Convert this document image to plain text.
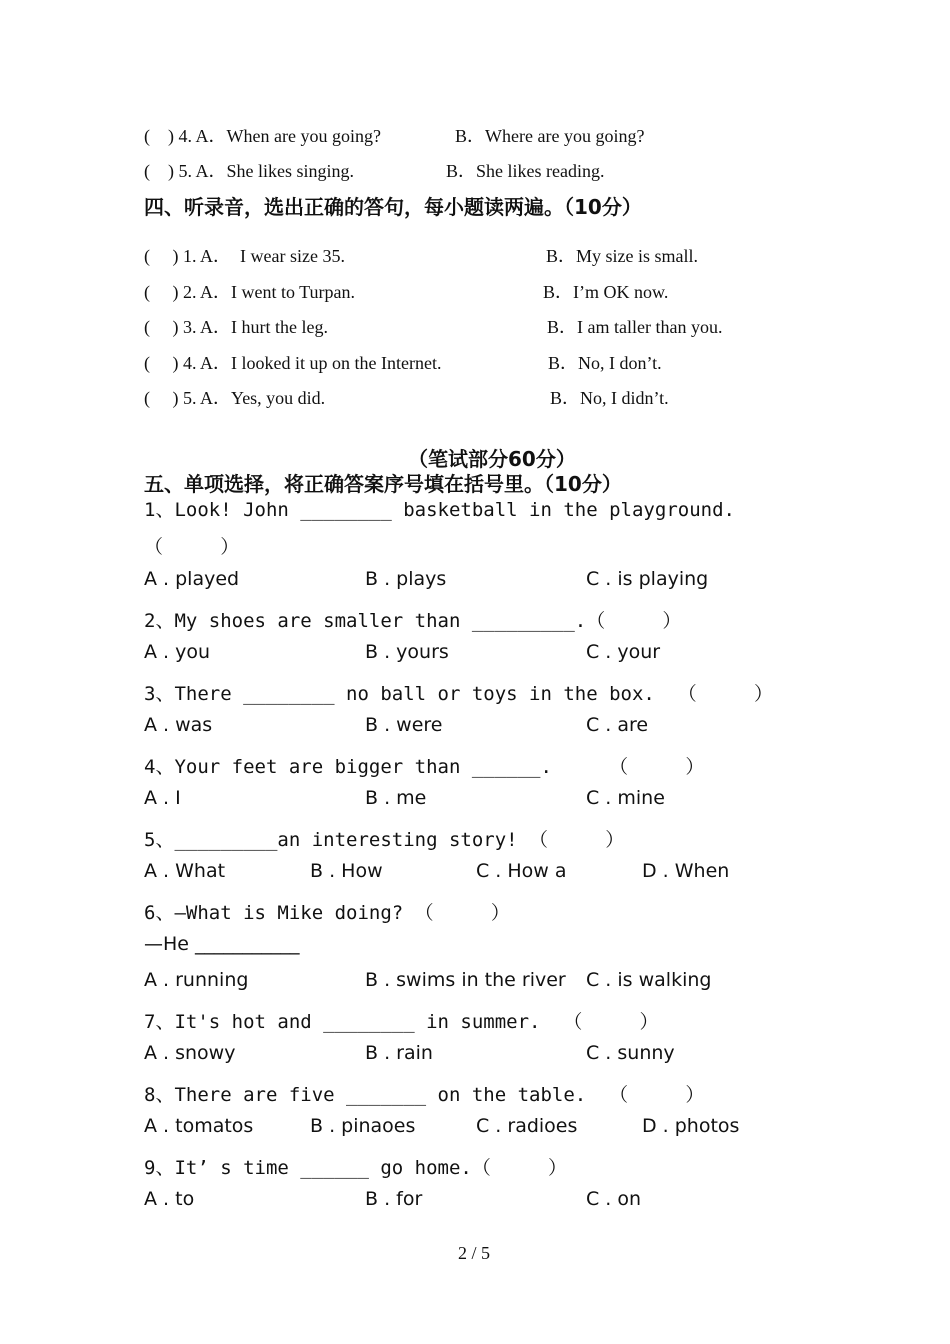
(    ) 4. A．When are you going?	B．Where are you going?
(    ) 5. A．She likes singing.	B．She likes reading.
四、听录音，选出正确的答句，每小题读两遍。（10分）
(     ) 1. A．  I wear size 35.	B．My size is small.
(     ) 2. A．I went to Turpan.	B．I’m OK now.
(     ) 3. A．I hurt the leg.	B．I am taller than you.
(     ) 4. A．I looked it up on the Internet.	B．No, I don’t.
(     ) 5. A．Yes, you did.	B．No, I didn’t.
（笔试部分60分）
五、单项选择，将正确答案序号填在括号里。（10分）
1、Look! John ________ basketball in the playground.
（     ）
A . played	B . plays	C . is playing
2、My shoes are smaller than _________.（     ）
A . you	B . yours	C . your
3、There ________ no ball or toys in the box.  （     ）
A . was	B . were	C . are
4、Your feet are bigger than ______.     （     ）
A . I	B . me	C . mine
5、_________an interesting story! （     ）
A . What	B . How	C . How a	D . When
6、—What is Mike doing? （     ）
—He ___________
A . running	B . swims in the river C . is walking
7、It's hot and ________ in summer.  （     ）
A . snowy	B . rain	C . sunny
8、There are five _______ on the table.  （     ）
A . tomatos	B . pinaoes	C . radioes	D . photos
9、It’ s time ______ go home.（     ）
A . to	B . for	C . on
2 / 5
